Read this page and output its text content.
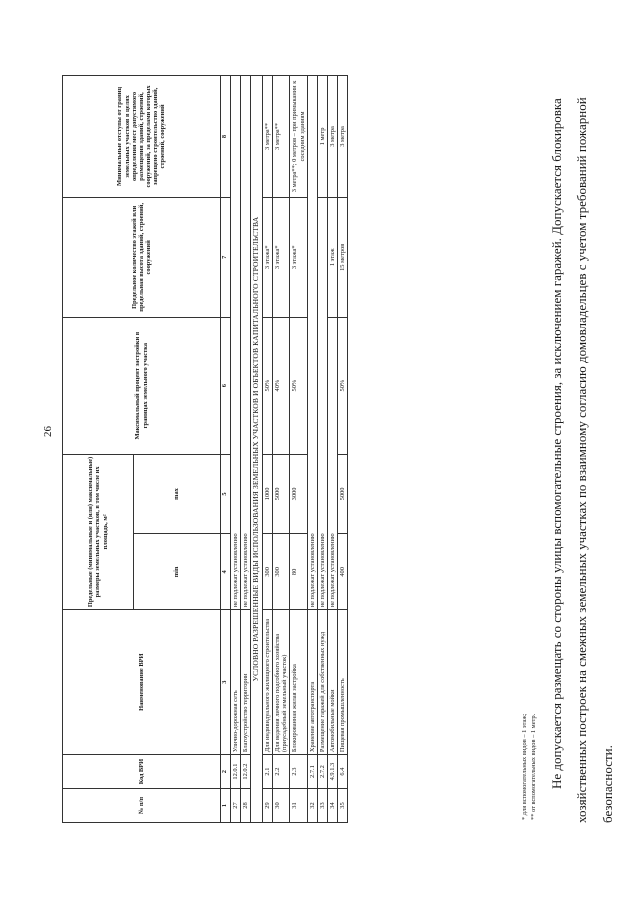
26
№ п/п	Код ВРИ	Наименование ВРИ	Предельные (минимальные и (или) максимальные) размеры земельных участков, в том числе их площадь, м²		Максимальный процент застройки в границах земельного участка	Предельное количество этажей или предельная высота зданий, строений, сооружений	Минимальные отступы от границ земельных участков в целях определения мест допустимого размещения зданий, строений, сооружений, за пределами которых запрещено строительство зданий, строений, сооружений
			min	max			
1	2	3	4	5	6	7	8
27	12.0.1	Улично-дорожная сеть	не подлежат установлению				
28	12.0.2	Благоустройство территории	не подлежат установлению				
УСЛОВНО РАЗРЕШЕННЫЕ ВИДЫ ИСПОЛЬЗОВАНИЯ ЗЕМЕЛЬНЫХ УЧАСТКОВ И ОБЪЕКТОВ КАПИТАЛЬНОГО СТРОИТЕЛЬСТВА							
29	2.1	Для индивидуального жилищного строительства	300	1000	50%	3 этажа*	3 метра**
30	2.2	Для ведения личного подсобного хозяйства (приусадебный земельный участок)	300	5000	40%	3 этажа*	3 метра**
31	2.3	Блокированная жилая застройка	80	3000	50%	3 этажа*	3 метра**; 0 метров – при примыкании к соседним зданиям
32	2.7.1	Хранение автотранспорта	не подлежат установлению				
33	2.7.2	Размещение гаражей для собственных нужд	не подлежат установлению				1 метр
34	4.9.1.3	Автомобильные мойки	не подлежат установлению			1 этаж	3 метра
35	6.4	Пищевая промышленность	400	5000	50%	15 метров	3 метра
* для вспомогательных видов – 1 этаж; ** от вспомогательных видов – 1 метр. Не допускается размещать со стороны улицы вспомогательные строения, за исключением гаражей. Допускается блокировка хозяйственных построек на смежных земельных участках по взаимному согласию домовладельцев с учетом требований пожарной безопасности.
